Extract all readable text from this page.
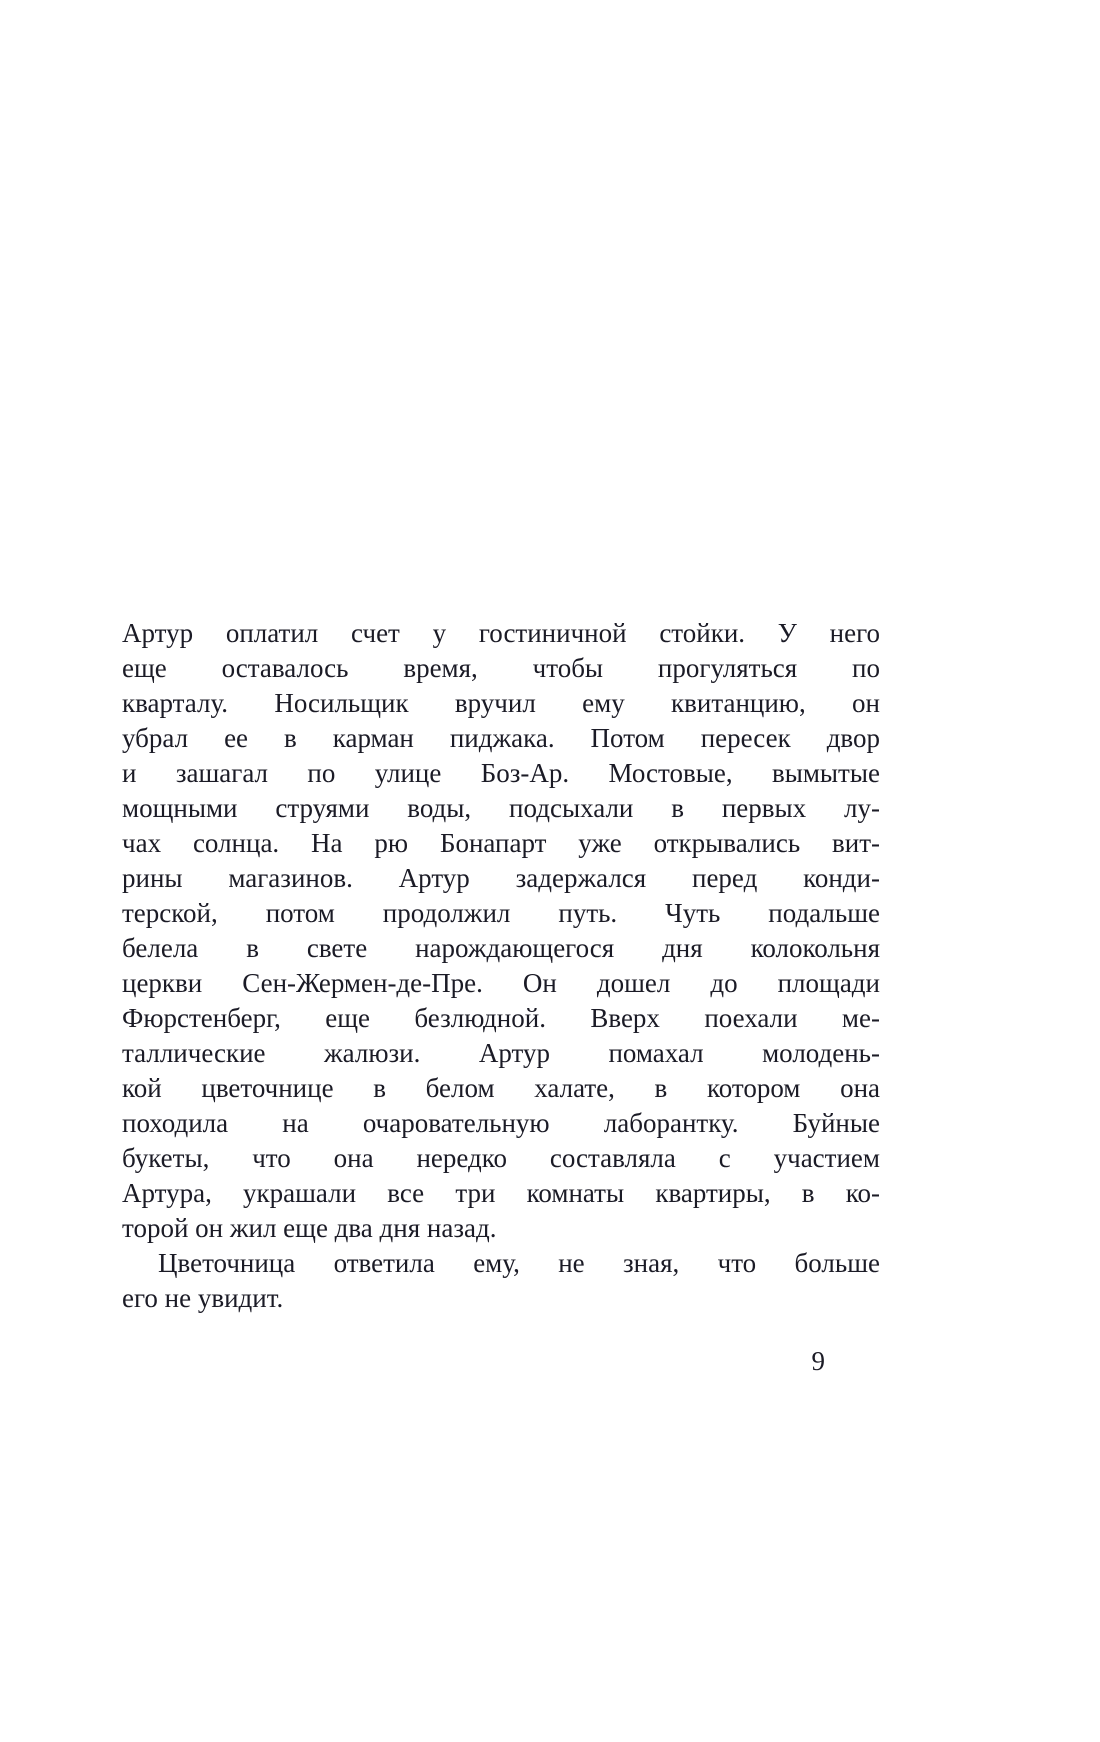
Артур оплатил счет у гостиничной стойки. У него
еще оставалось время, чтобы прогуляться по
кварталу. Носильщик вручил ему квитанцию, он
убрал ее в карман пиджака. Потом пересек двор
и зашагал по улице Боз-Ар. Мостовые, вымытые
мощными струями воды, подсыхали в первых лу-
чах солнца. На рю Бонапарт уже открывались вит-
рины магазинов. Артур задержался перед конди-
терской, потом продолжил путь. Чуть подальше
белела в свете нарождающегося дня колокольня
церкви Сен-Жермен-де-Пре. Он дошел до площади
Фюрстенберг, еще безлюдной. Вверх поехали ме-
таллические жалюзи. Артур помахал молодень-
кой цветочнице в белом халате, в котором она
походила на очаровательную лаборантку. Буйные
букеты, что она нередко составляла с участием
Артура, украшали все три комнаты квартиры, в ко-
торой он жил еще два дня назад.
Цветочница ответила ему, не зная, что больше
его не увидит.
9
